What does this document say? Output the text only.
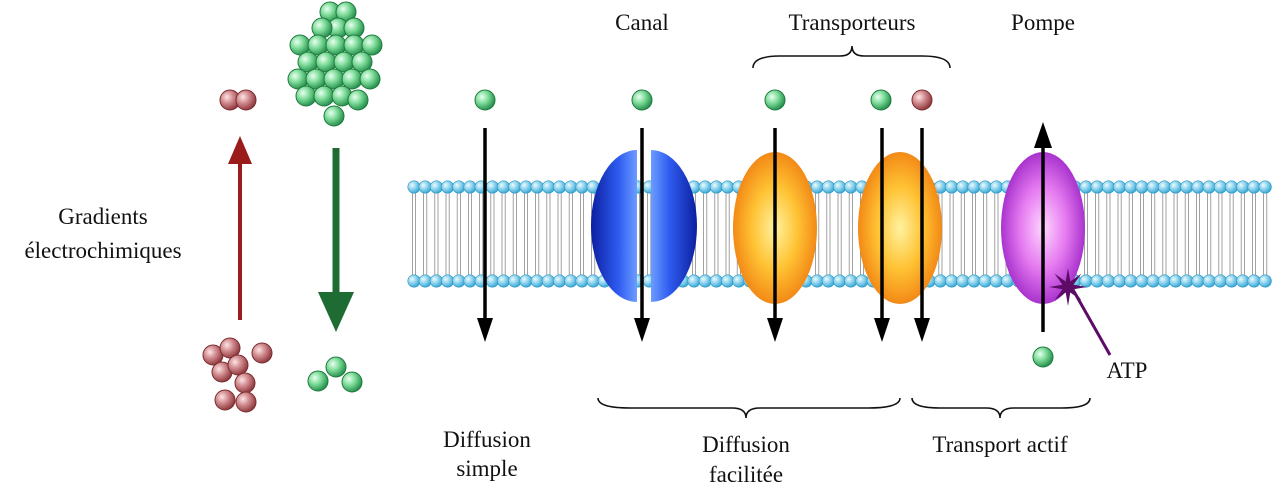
Gradients
électrochimiques
ATP
Canal	Transporteurs	Pompe
Diffusion
simple
Diffusion
facilitée
Transport actif
